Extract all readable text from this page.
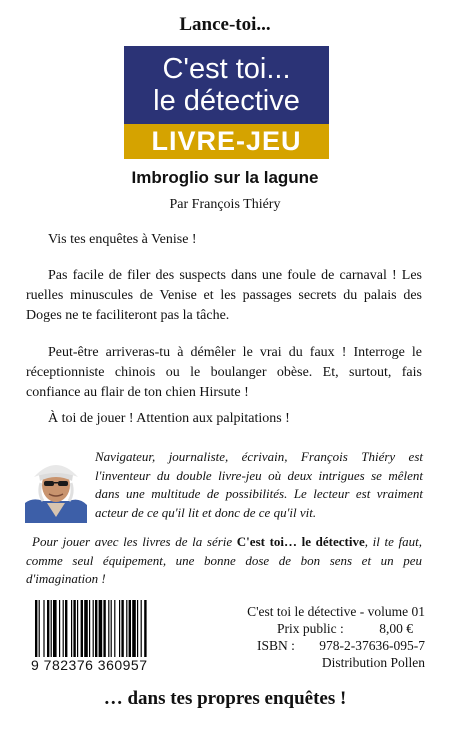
Lance-toi...
C'est toi...
le détective
LIVRE-JEU
Imbroglio sur la lagune
Par François Thiéry

Vis tes enquêtes à Venise !

Pas facile de filer des suspects dans une foule de carnaval ! Les ruelles minuscules de Venise et les passages secrets du palais des Doges ne te faciliteront pas la tâche.

Peut-être arriveras-tu à démêler le vrai du faux ! Interroge le réceptionniste chinois ou le boulanger obèse. Et, surtout, fais confiance au flair de ton chien Hirsute !

À toi de jouer ! Attention aux palpitations !

Navigateur, journaliste, écrivain, François Thiéry est l'inventeur du double livre-jeu où deux intrigues se mêlent dans une multitude de possibilités. Le lecteur est vraiment acteur de ce qu'il lit et donc de ce qu'il vit.

Pour jouer avec les livres de la série C'est toi… le détective, il te faut, comme seul équipement, une bonne dose de bon sens et un peu d'imagination !

9 782376 360957
C'est toi le détective - volume 01
Prix public :	8,00 €
ISBN : 978-2-37636-095-7
Distribution Pollen
… dans tes propres enquêtes !
